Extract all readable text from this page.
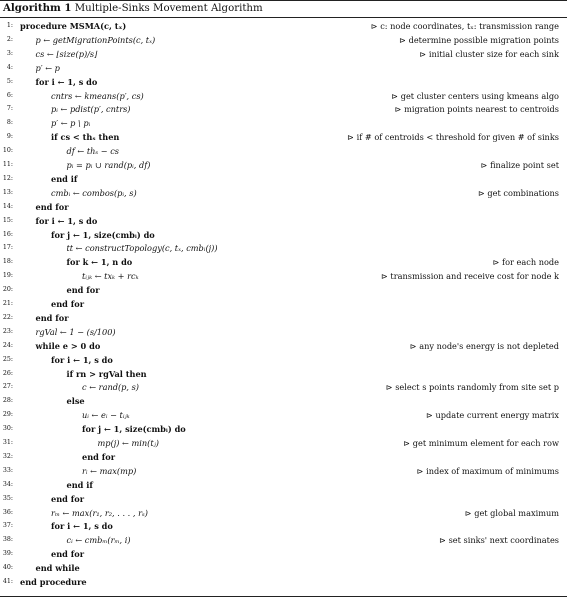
Algorithm 1 Multiple-Sinks Movement Algorithm
1: procedure MSMA(c, tₓ)	⊳ c: node coordinates, tₓ: transmission range
2:	p ← getMigrationPoints(c, tₓ)	⊳ determine possible migration points
3:	cs ← ⌊size(p)/s⌋	⊳ initial cluster size for each sink
4:	p′ ← p
5:	for i ← 1, s do
6:	cntrs ← kmeans(p′, cs)	⊳ get cluster centers using kmeans algo
7:	pᵢ ← pdist(p′, cntrs)	⊳ migration points nearest to centroids
8:	p′ ← p \ pᵢ
9:	if cs < thₛ then	⊳ if # of centroids < threshold for given # of sinks
10:	df ← thₛ − cs
11:	pᵢ = pᵢ ∪ rand(pᵢ, df)	⊳ finalize point set
12:	end if
13:	cmbᵢ ← combos(pᵢ, s)	⊳ get combinations
14:	end for
15:	for i ← 1, s do
16:	for j ← 1, size(cmbᵢ) do
17:	tt ← constructTopology(c, tₓ, cmbᵢ(j))
18:	for k ← 1, n do	⊳ for each node
19:	tᵢⱼₖ ← txₖ + rcₖ	⊳ transmission and receive cost for node k
20:	end for
21:	end for
22:	end for
23:	rgVal ← 1 − (s/100)
24:	while e > 0 do	⊳ any node's energy is not depleted
25:	for i ← 1, s do
26:	if rn > rgVal then
27:	c ← rand(p, s)	⊳ select s points randomly from site set p
28:	else
29:	uᵢ ← eᵢ − tᵢⱼₖ	⊳ update current energy matrix
30:	for j ← 1, size(cmbᵢ) do
31:	mp(j) ← min(tⱼ)	⊳ get minimum element for each row
32:	end for
33:	rᵢ ← max(mp)	⊳ index of maximum of minimums
34:	end if
35:	end for
36:	rₘ ← max(r₁, r₂, . . . , rₛ)	⊳ get global maximum
37:	for i ← 1, s do
38:	cᵢ ← cmbₘ(rₘ, i)	⊳ set sinks' next coordinates
39:	end for
40:	end while
41: end procedure
